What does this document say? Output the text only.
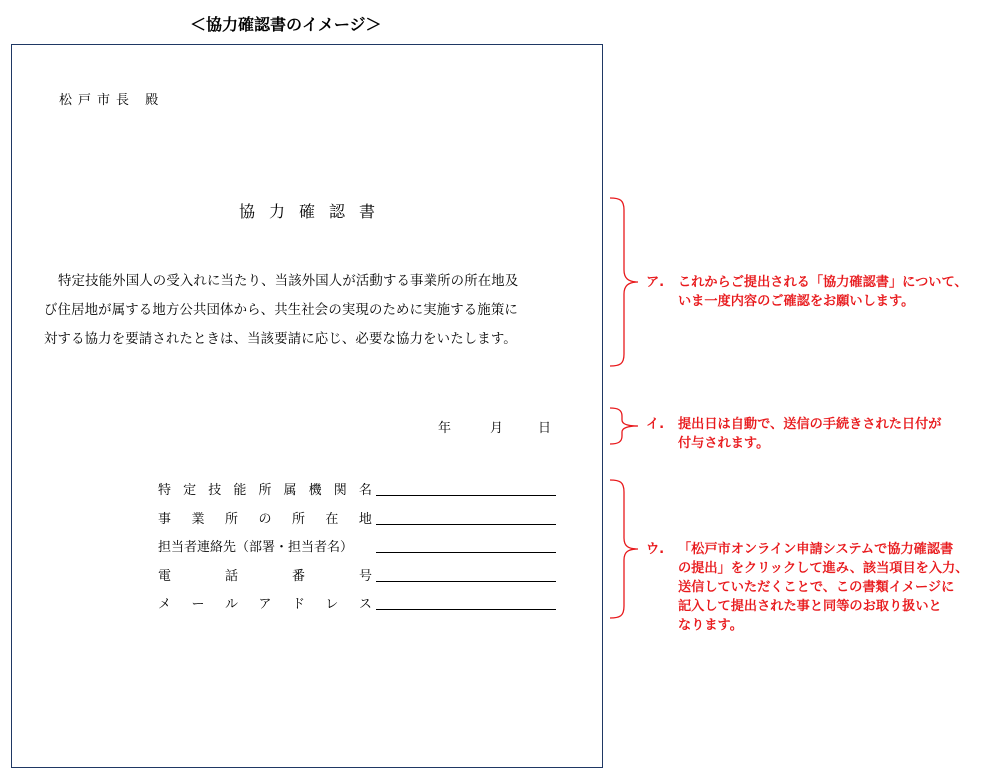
＜協力確認書のイメージ＞
松戸市長 殿
協力確認書
特定技能外国人の受入れに当たり、当該外国人が活動する事業所の所在地及
び住居地が属する地方公共団体から、共生社会の実現のために実施する施策に
対する協力を要請されたときは、当該要請に応じ、必要な協力をいたします。
年	月	日
特 定 技 能 所 属 機 関 名
事 業 所 の 所 在 地
担当者連絡先（部署・担当者名）
電	話	番	号
メ ー ル ア ド レ ス
ア. これからご提出される「協力確認書」について、
いま一度内容のご確認をお願いします。
イ. 提出日は自動で、送信の手続きされた日付が
付与されます。
ウ. 「松戸市オンライン申請システムで協力確認書
の提出」をクリックして進み、該当項目を入力、
送信していただくことで、この書類イメージに
記入して提出された事と同等のお取り扱いと
なります。
